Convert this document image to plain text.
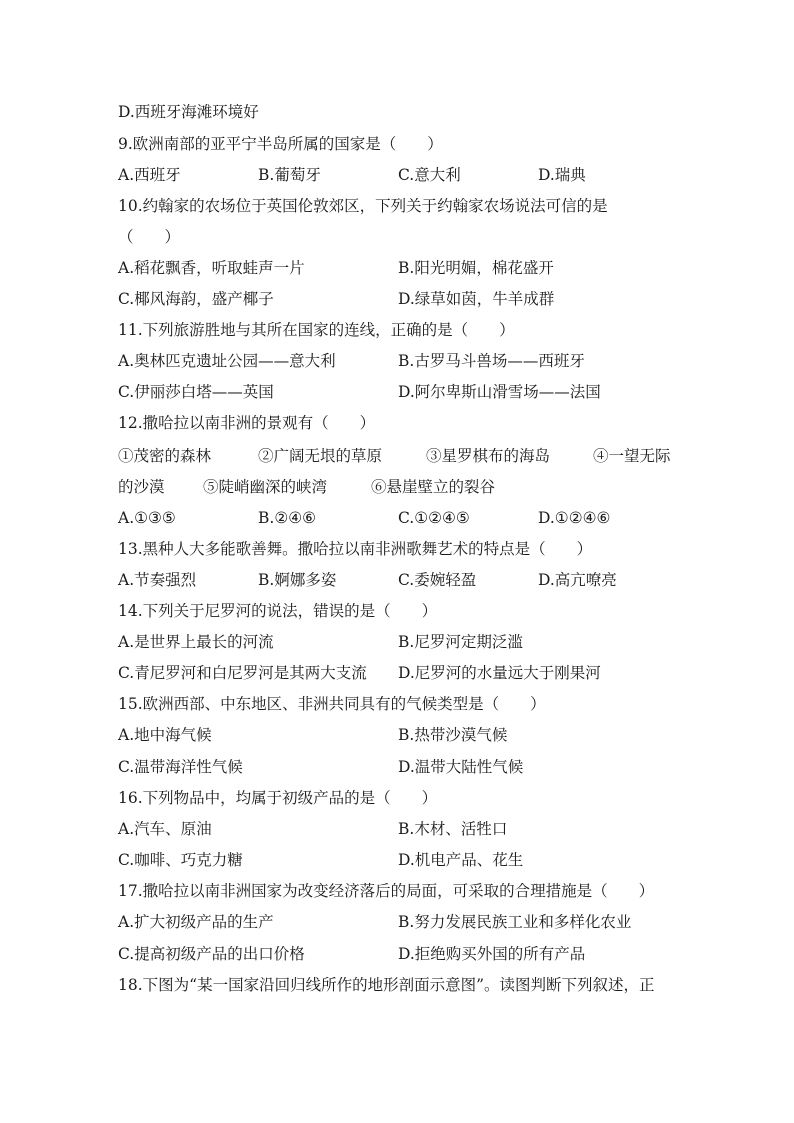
D.西班牙海滩环境好
9.欧洲南部的亚平宁半岛所属的国家是（　　）
A.西班牙	B.葡萄牙	C.意大利	D.瑞典
10.约翰家的农场位于英国伦敦郊区，下列关于约翰家农场说法可信的是
（　　）
A.稻花飘香，听取蛙声一片	B.阳光明媚，棉花盛开
C.椰风海韵，盛产椰子	D.绿草如茵，牛羊成群
11.下列旅游胜地与其所在国家的连线，正确的是（　　）
A.奥林匹克遗址公园——意大利	B.古罗马斗兽场——西班牙
C.伊丽莎白塔——英国	D.阿尔卑斯山滑雪场——法国
12.撒哈拉以南非洲的景观有（　　）
①茂密的森林	②广阔无垠的草原	③星罗棋布的海岛	④一望无际
的沙漠 ⑤陡峭幽深的峡湾	⑥悬崖壁立的裂谷
A.①③⑤	B.②④⑥	C.①②④⑤	D.①②④⑥
13.黑种人大多能歌善舞。撒哈拉以南非洲歌舞艺术的特点是（　　）
A.节奏强烈	B.婀娜多姿	C.委婉轻盈	D.高亢嘹亮
14.下列关于尼罗河的说法，错误的是（　　）
A.是世界上最长的河流	B.尼罗河定期泛滥
C.青尼罗河和白尼罗河是其两大支流 D.尼罗河的水量远大于刚果河
15.欧洲西部、中东地区、非洲共同具有的气候类型是（　　）
A.地中海气候	B.热带沙漠气候
C.温带海洋性气候	D.温带大陆性气候
16.下列物品中，均属于初级产品的是（　　）
A.汽车、原油	B.木材、活牲口
C.咖啡、巧克力糖	D.机电产品、花生
17.撒哈拉以南非洲国家为改变经济落后的局面，可采取的合理措施是（　　）
A.扩大初级产品的生产	B.努力发展民族工业和多样化农业
C.提高初级产品的出口价格	D.拒绝购买外国的所有产品
18.下图为“某一国家沿回归线所作的地形剖面示意图”。读图判断下列叙述，正
